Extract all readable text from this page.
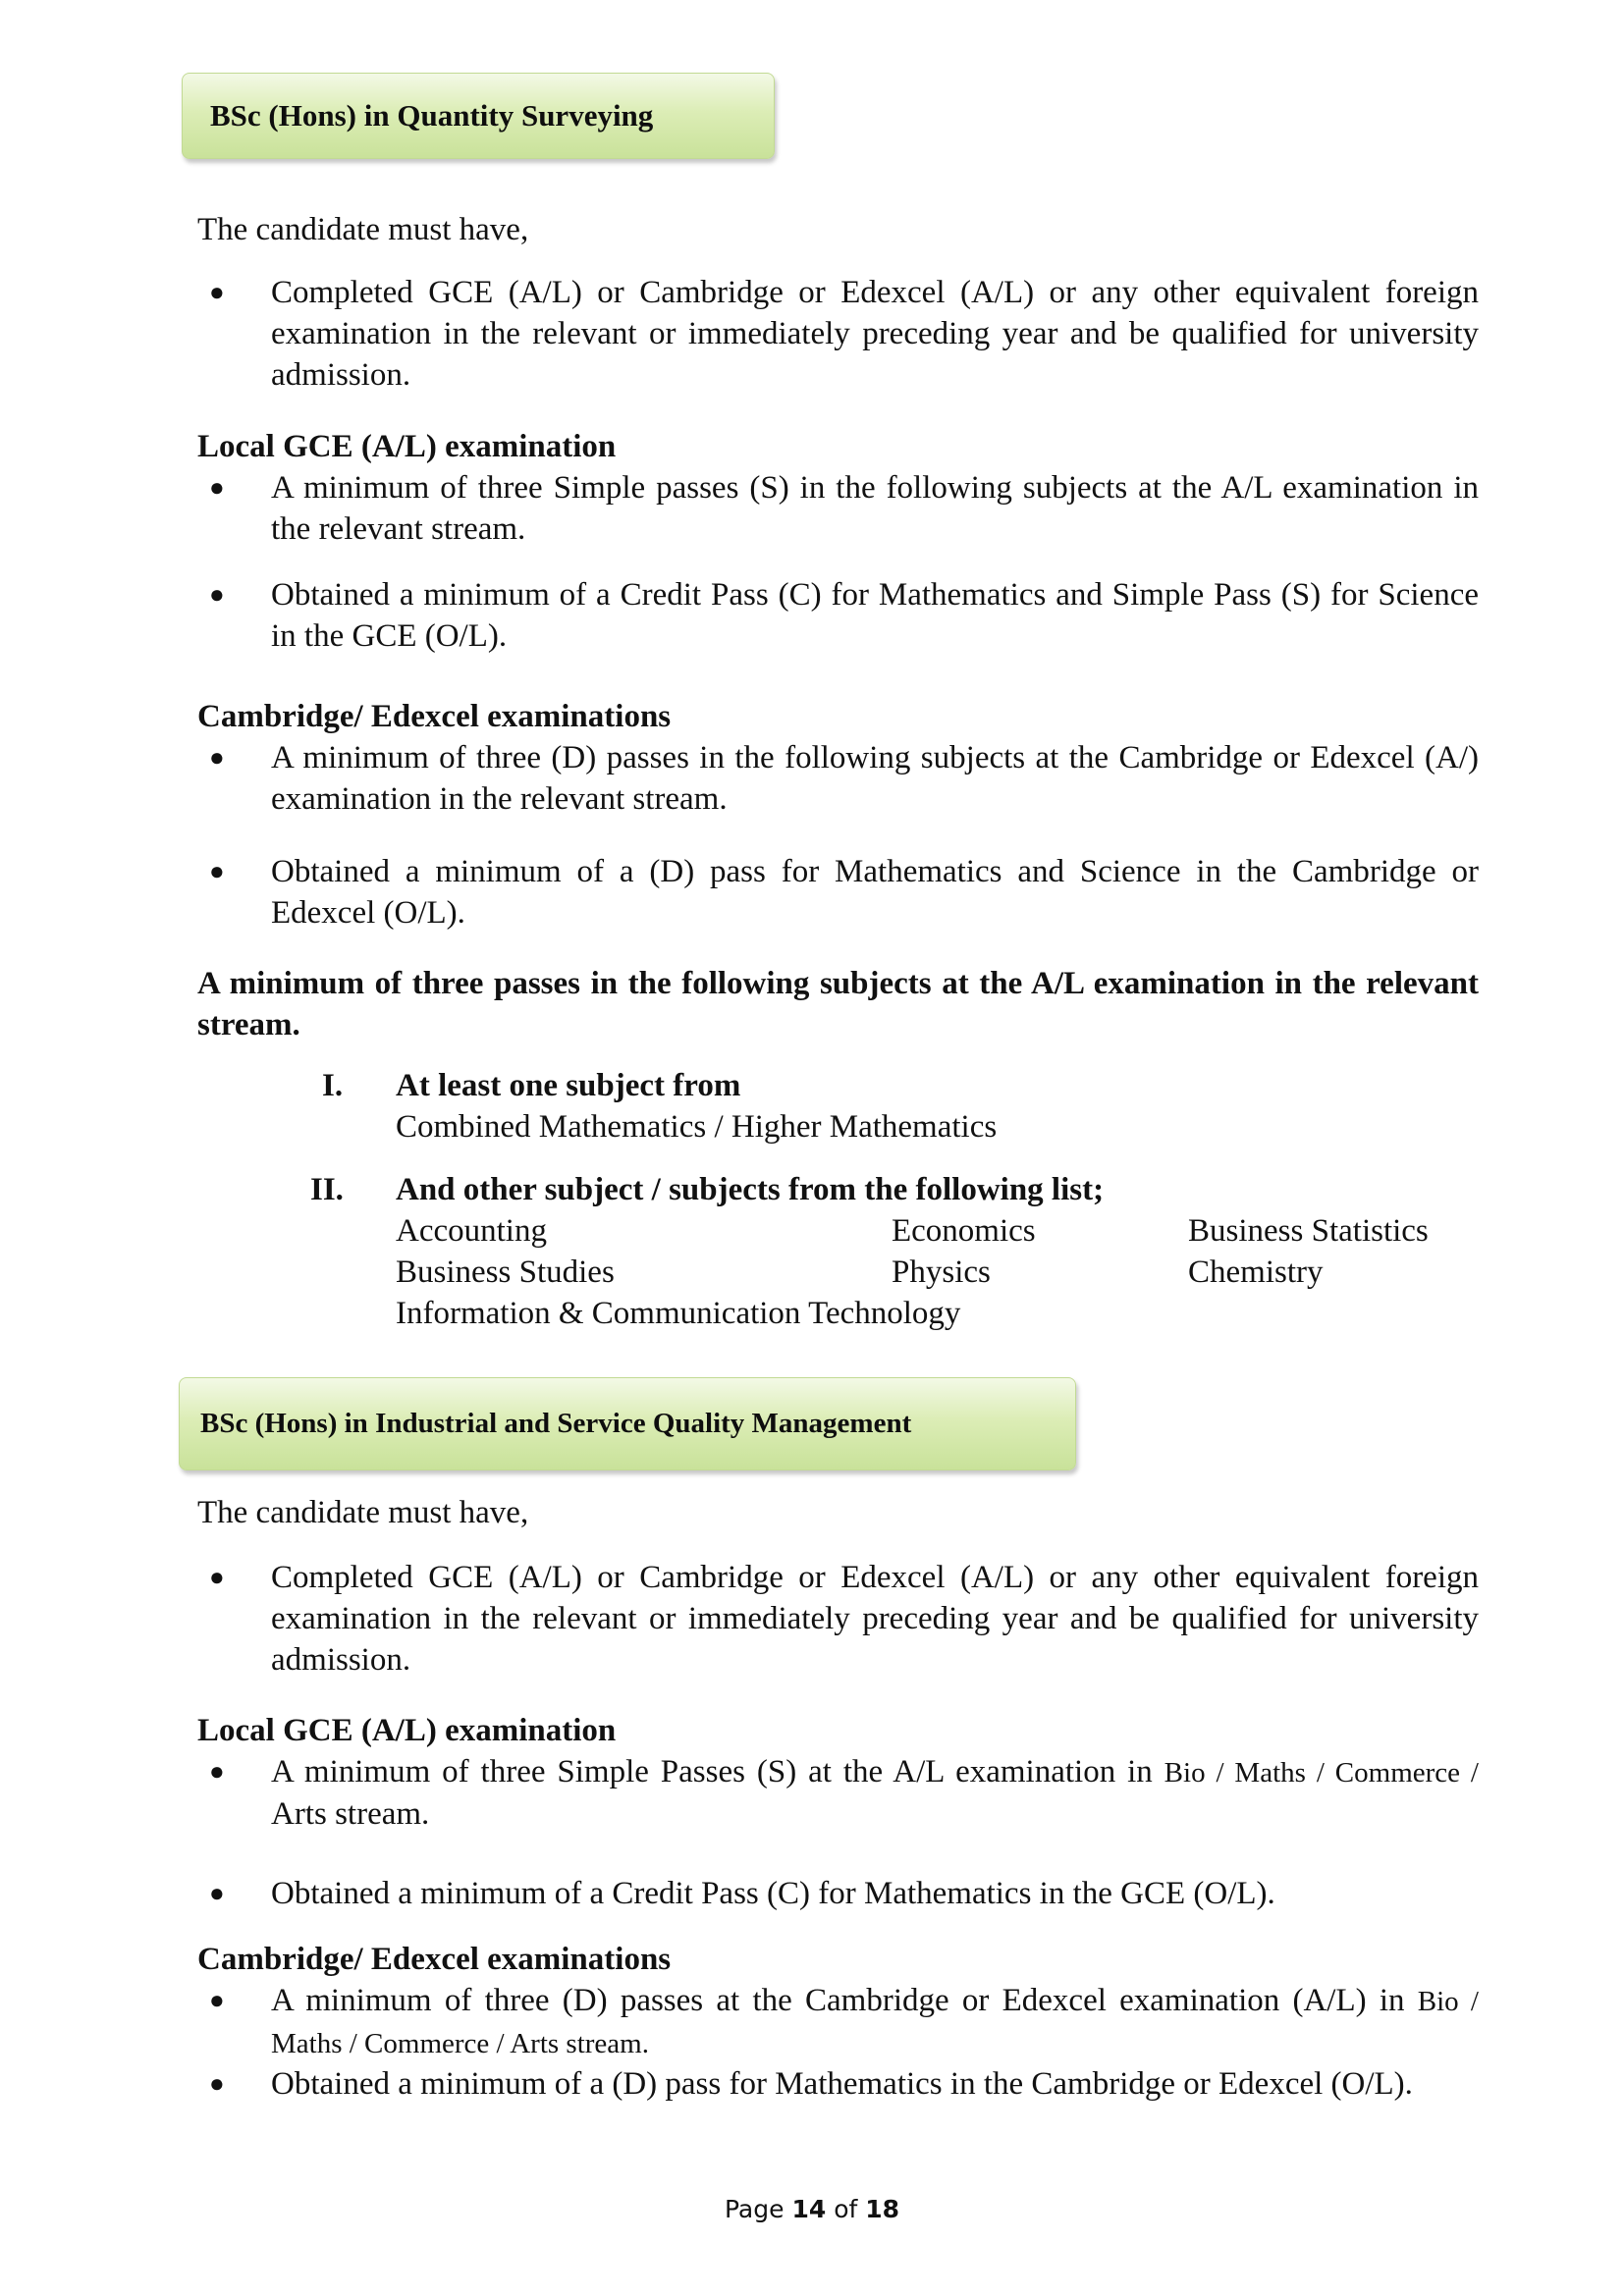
BSc (Hons) in Quantity Surveying

The candidate must have,

● Completed GCE (A/L) or Cambridge or Edexcel (A/L) or any other equivalent foreign examination in the relevant or immediately preceding year and be qualified for university admission.

Local GCE (A/L) examination

● A minimum of three Simple passes (S) in the following subjects at the A/L examination in the relevant stream.
● Obtained a minimum of a Credit Pass (C) for Mathematics and Simple Pass (S) for Science in the GCE (O/L).

Cambridge/ Edexcel examinations

● A minimum of three (D) passes in the following subjects at the Cambridge or Edexcel (A/) examination in the relevant stream.
● Obtained a minimum of a (D) pass for Mathematics and Science in the Cambridge or Edexcel (O/L).

A minimum of three passes in the following subjects at the A/L examination in the relevant stream.

I. At least one subject from
Combined Mathematics / Higher Mathematics
II. And other subject / subjects from the following list;
Accounting	Economics	Business Statistics
Business Studies	Physics	Chemistry
Information & Communication Technology
BSc (Hons) in Industrial and Service Quality Management

The candidate must have,

● Completed GCE (A/L) or Cambridge or Edexcel (A/L) or any other equivalent foreign examination in the relevant or immediately preceding year and be qualified for university admission.

Local GCE (A/L) examination

● A minimum of three Simple Passes (S) at the A/L examination in Bio / Maths / Commerce / Arts stream.
● Obtained a minimum of a Credit Pass (C) for Mathematics in the GCE (O/L).

Cambridge/ Edexcel examinations

● A minimum of three (D) passes at the Cambridge or Edexcel examination (A/L) in Bio / Maths / Commerce / Arts stream.
● Obtained a minimum of a (D) pass for Mathematics in the Cambridge or Edexcel (O/L).
Page 14 of 18
